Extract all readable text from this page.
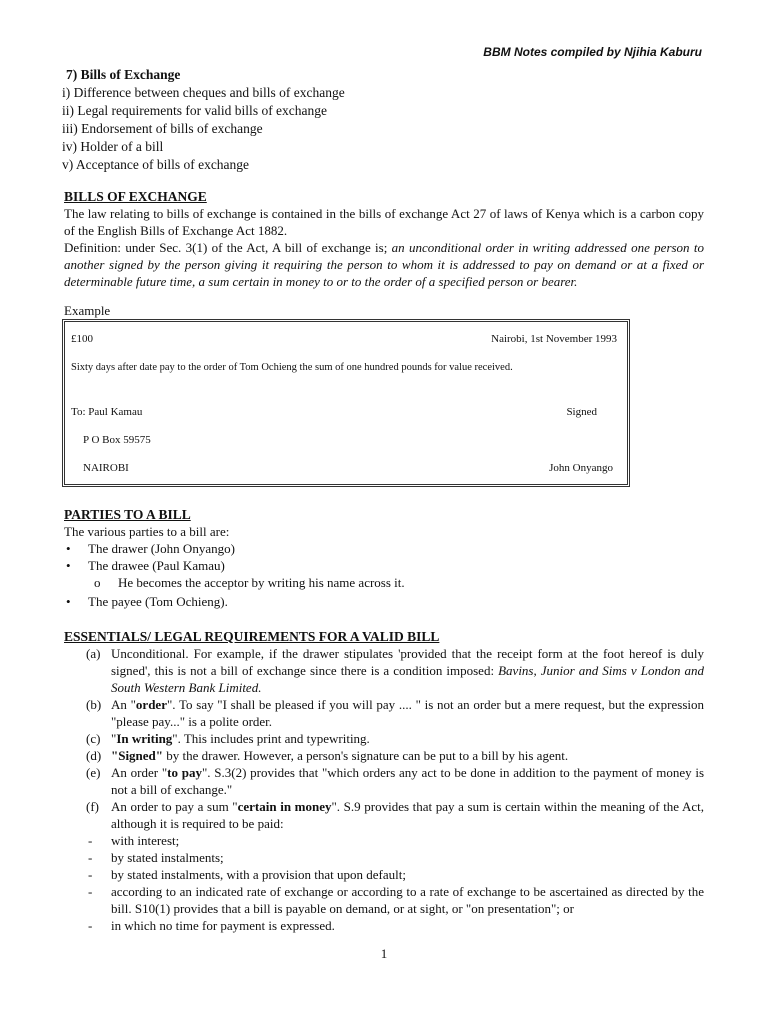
BBM Notes compiled by Njihia Kaburu
7) Bills of Exchange
i) Difference between cheques and bills of exchange
ii) Legal requirements for valid bills of exchange
iii) Endorsement of bills of exchange
iv) Holder of a bill
v) Acceptance of bills of exchange
BILLS OF EXCHANGE
The law relating to bills of exchange is contained in the bills of exchange Act 27 of laws of Kenya which is a carbon copy of the English Bills of Exchange Act 1882.
Definition: under Sec. 3(1) of the Act, A bill of exchange is; an unconditional order in writing addressed one person to another signed by the person giving it requiring the person to whom it is addressed to pay on demand or at a fixed or determinable future time, a sum certain in money to or to the order of a specified person or bearer.
Example
£100	Nairobi, 1st November 1993
Sixty days after date pay to the order of Tom Ochieng the sum of one hundred pounds for value received.
To: Paul Kamau	Signed
P O Box 59575
NAIROBI	John Onyango
PARTIES TO A BILL
The various parties to a bill are:
• The drawer (John Onyango)
• The drawee (Paul Kamau)
o He becomes the acceptor by writing his name across it.
• The payee (Tom Ochieng).
ESSENTIALS/ LEGAL REQUIREMENTS FOR A VALID BILL
(a) Unconditional. For example, if the drawer stipulates 'provided that the receipt form at the foot hereof is duly signed', this is not a bill of exchange since there is a condition imposed: Bavins, Junior and Sims v London and South Western Bank Limited.
(b) An "order". To say "I shall be pleased if you will pay .... " is not an order but a mere request, but the expression "please pay..." is a polite order.
(c) "In writing". This includes print and typewriting.
(d) "Signed" by the drawer. However, a person's signature can be put to a bill by his agent.
(e) An order "to pay". S.3(2) provides that "which orders any act to be done in addition to the payment of money is not a bill of exchange."
(f) An order to pay a sum "certain in money". S.9 provides that pay a sum is certain within the meaning of the Act, although it is required to be paid:
- with interest;
- by stated instalments;
- by stated instalments, with a provision that upon default;
- according to an indicated rate of exchange or according to a rate of exchange to be ascertained as directed by the bill. S10(1) provides that a bill is payable on demand, or at sight, or "on presentation"; or
- in which no time for payment is expressed.
1
